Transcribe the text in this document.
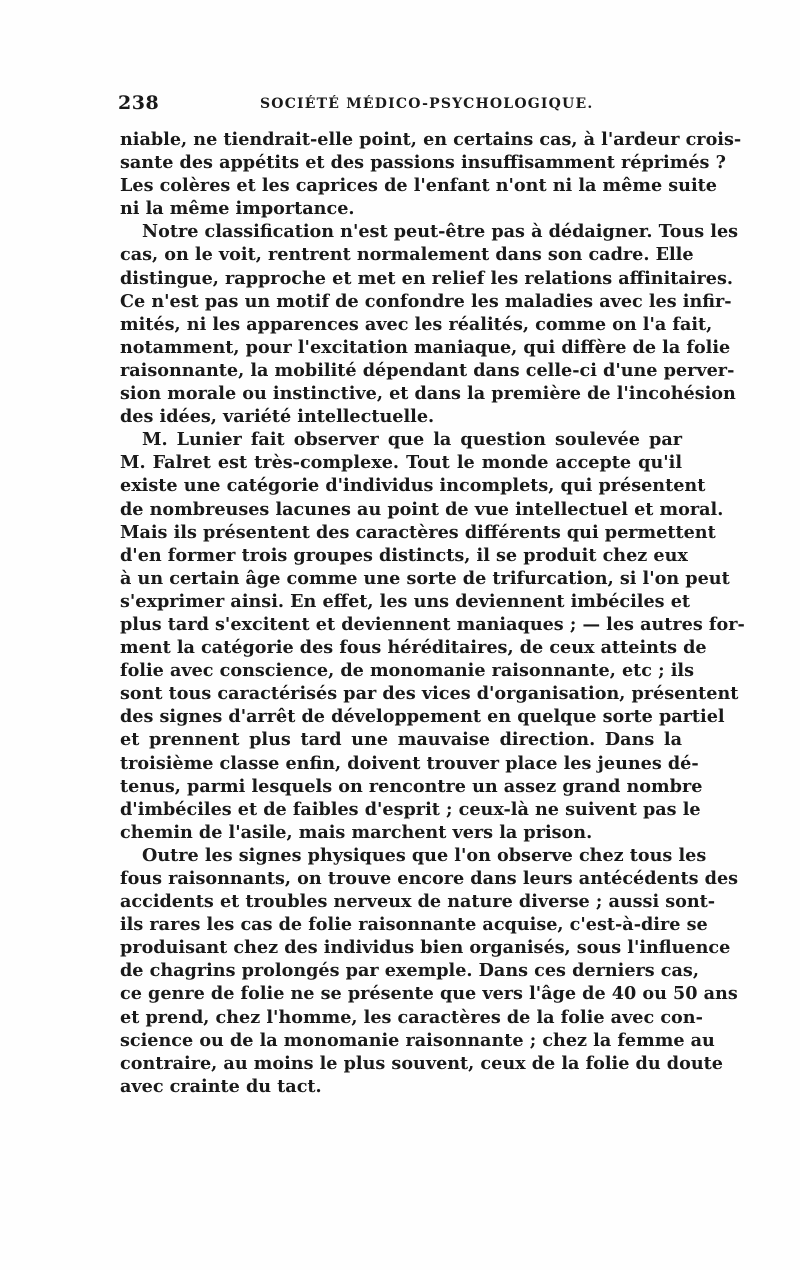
238	SOCIÉTÉ MÉDICO-PSYCHOLOGIQUE.
niable, ne tiendrait-elle point, en certains cas, à l'ardeur crois-
sante des appétits et des passions insuffisamment réprimés ?
Les colères et les caprices de l'enfant n'ont ni la même suite
ni la même importance.
Notre classification n'est peut-être pas à dédaigner. Tous les
cas, on le voit, rentrent normalement dans son cadre. Elle
distingue, rapproche et met en relief les relations affinitaires.
Ce n'est pas un motif de confondre les maladies avec les infir-
mités, ni les apparences avec les réalités, comme on l'a fait,
notamment, pour l'excitation maniaque, qui diffère de la folie
raisonnante, la mobilité dépendant dans celle-ci d'une perver-
sion morale ou instinctive, et dans la première de l'incohésion
des idées, variété intellectuelle.
M. Lunier fait observer que la question soulevée par
M. Falret est très-complexe. Tout le monde accepte qu'il
existe une catégorie d'individus incomplets, qui présentent
de nombreuses lacunes au point de vue intellectuel et moral.
Mais ils présentent des caractères différents qui permettent
d'en former trois groupes distincts, il se produit chez eux
à un certain âge comme une sorte de trifurcation, si l'on peut
s'exprimer ainsi. En effet, les uns deviennent imbéciles et
plus tard s'excitent et deviennent maniaques ; — les autres for-
ment la catégorie des fous héréditaires, de ceux atteints de
folie avec conscience, de monomanie raisonnante, etc ; ils
sont tous caractérisés par des vices d'organisation, présentent
des signes d'arrêt de développement en quelque sorte partiel
et prennent plus tard une mauvaise direction. Dans la
troisième classe enfin, doivent trouver place les jeunes dé-
tenus, parmi lesquels on rencontre un assez grand nombre
d'imbéciles et de faibles d'esprit ; ceux-là ne suivent pas le
chemin de l'asile, mais marchent vers la prison.
Outre les signes physiques que l'on observe chez tous les
fous raisonnants, on trouve encore dans leurs antécédents des
accidents et troubles nerveux de nature diverse ; aussi sont-
ils rares les cas de folie raisonnante acquise, c'est-à-dire se
produisant chez des individus bien organisés, sous l'influence
de chagrins prolongés par exemple. Dans ces derniers cas,
ce genre de folie ne se présente que vers l'âge de 40 ou 50 ans
et prend, chez l'homme, les caractères de la folie avec con-
science ou de la monomanie raisonnante ; chez la femme au
contraire, au moins le plus souvent, ceux de la folie du doute
avec crainte du tact.
